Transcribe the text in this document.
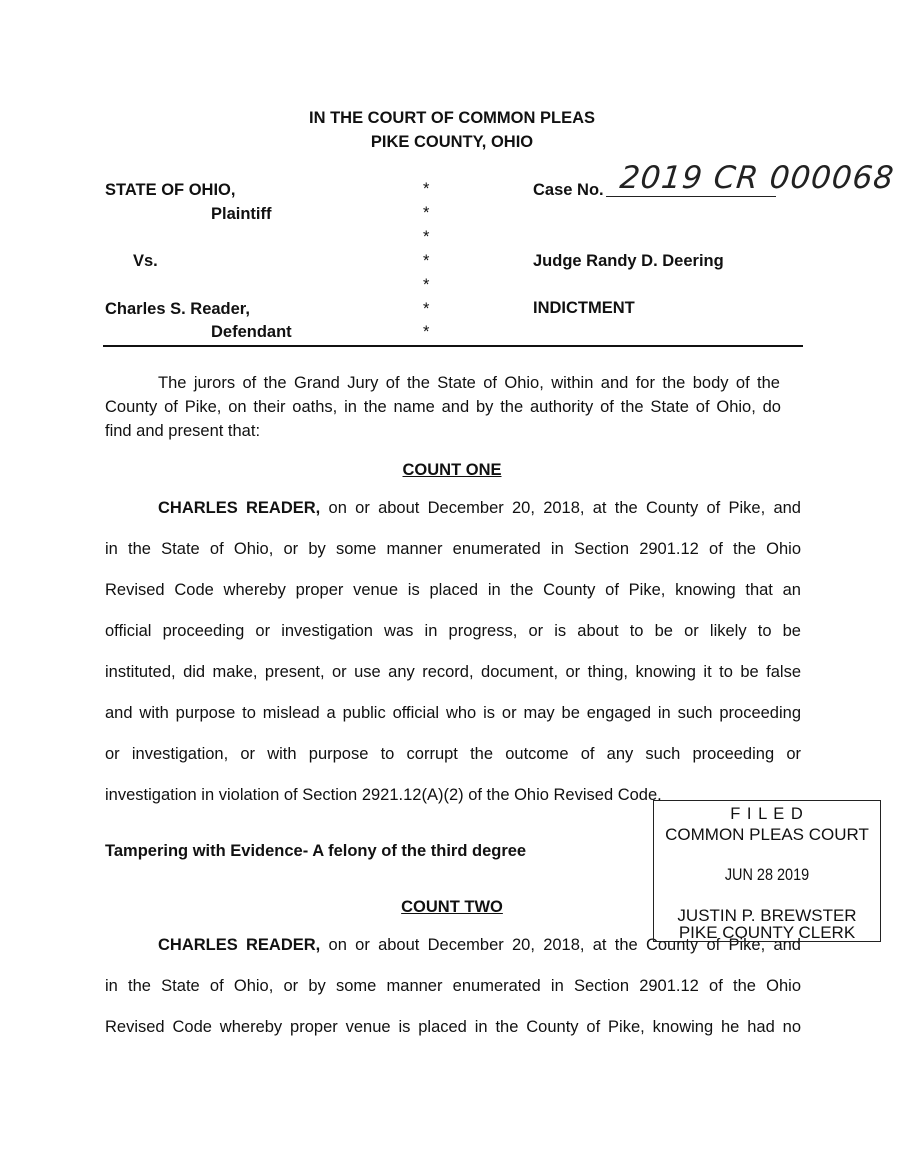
IN THE COURT OF COMMON PLEAS
PIKE COUNTY, OHIO
STATE OF OHIO,
Plaintiff
Vs.
Charles S. Reader,
Defendant
*
*
*
*
*
*
*
Case No. 2019 CR 000068
Judge Randy D. Deering
INDICTMENT
The jurors of the Grand Jury of the State of Ohio, within and for the body of the
County of Pike, on their oaths, in the name and by the authority of the State of Ohio, do
find and present that:
COUNT ONE
CHARLES READER, on or about December 20, 2018, at the County of Pike, and
in the State of Ohio, or by some manner enumerated in Section 2901.12 of the Ohio
Revised Code whereby proper venue is placed in the County of Pike, knowing that an
official proceeding or investigation was in progress, or is about to be or likely to be
instituted, did make, present, or use any record, document, or thing, knowing it to be false
and with purpose to mislead a public official who is or may be engaged in such proceeding
or investigation, or with purpose to corrupt the outcome of any such proceeding or
investigation in violation of Section 2921.12(A)(2) of the Ohio Revised Code.
Tampering with Evidence- A felony of the third degree
COUNT TWO
CHARLES READER, on or about December 20, 2018, at the County of Pike, and
in the State of Ohio, or by some manner enumerated in Section 2901.12 of the Ohio
Revised Code whereby proper venue is placed in the County of Pike, knowing he had no
F I L E D
COMMON PLEAS COURT
JUN 28 2019
JUSTIN P. BREWSTER
PIKE COUNTY CLERK
